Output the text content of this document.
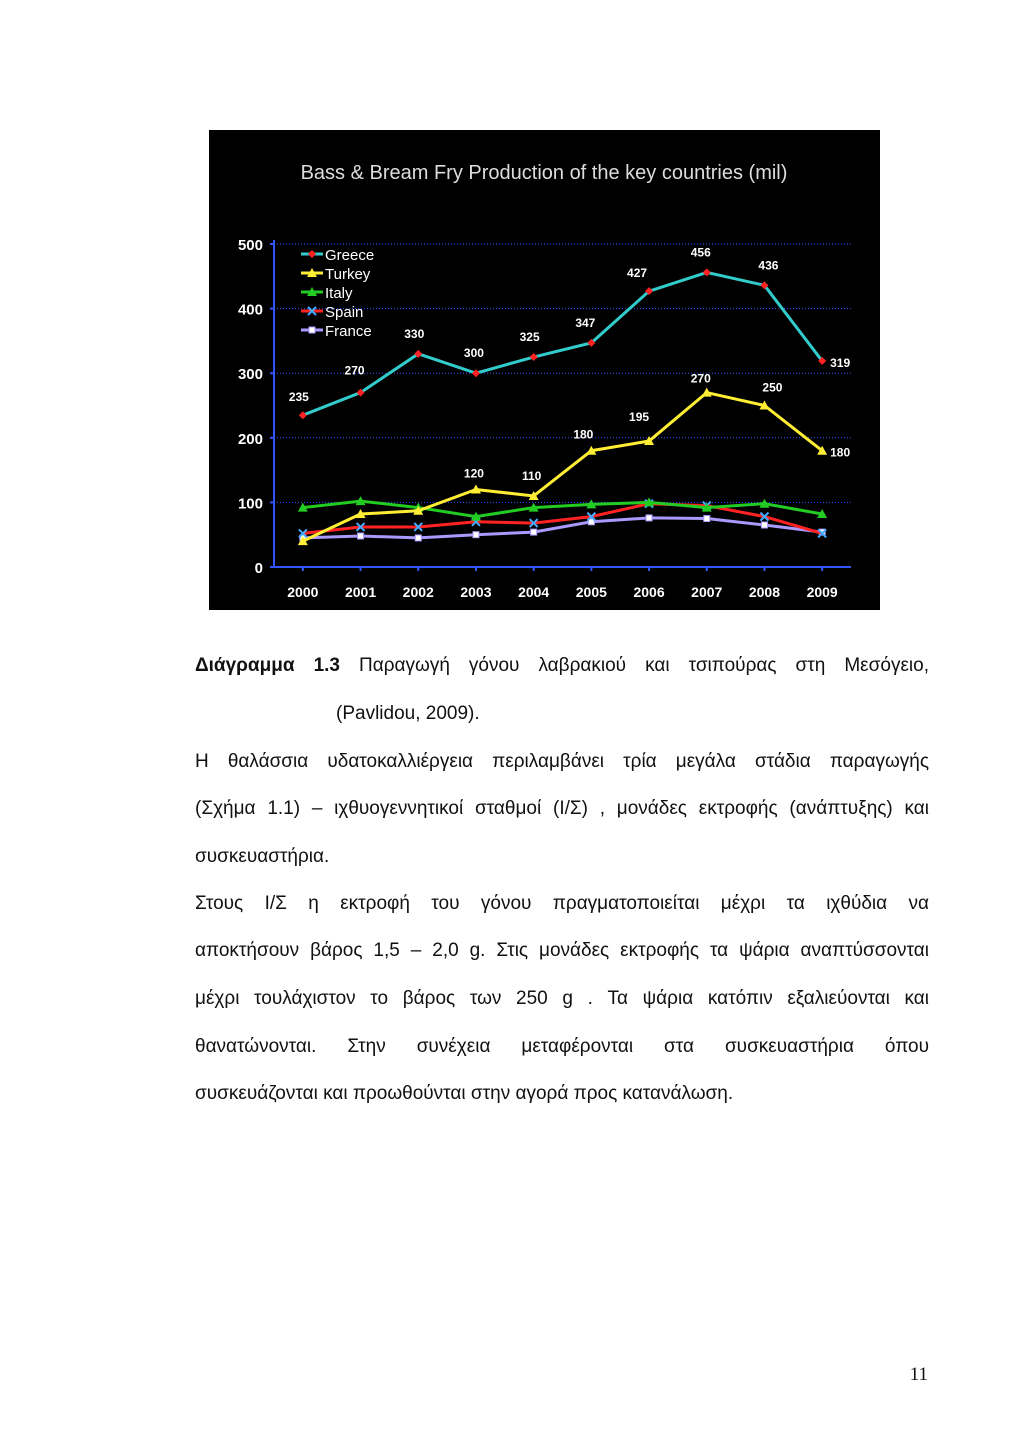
Bass & Bream Fry Production of the key countries (mil)
0
100
200
300
400
500
2000 2001 2002 2003 2004 2005 2006 2007 2008 2009
235
270
330
300
325
347
427
456
436
319
120	110
180
195
270
250
180
Greece
Turkey
Italy
Spain
France
Διάγραμμα 1.3 Παραγωγή γόνου λαβρακιού και τσιπούρας στη Μεσόγειο,
(Pavlidou, 2009).
Η θαλάσσια υδατοκαλλιέργεια περιλαμβάνει τρία μεγάλα στάδια παραγωγής
(Σχήμα 1.1) – ιχθυογεννητικοί σταθμοί (Ι/Σ) , μονάδες εκτροφής (ανάπτυξης) και
συσκευαστήρια.
Στους Ι/Σ η εκτροφή του γόνου πραγματοποιείται μέχρι τα ιχθύδια να
αποκτήσουν βάρος 1,5 – 2,0 g. Στις μονάδες εκτροφής τα ψάρια αναπτύσσονται
μέχρι τουλάχιστον το βάρος των 250 g . Τα ψάρια κατόπιν εξαλιεύονται και
θανατώνονται. Στην συνέχεια μεταφέρονται στα συσκευαστήρια όπου
συσκευάζονται και προωθούνται στην αγορά προς κατανάλωση.
11
